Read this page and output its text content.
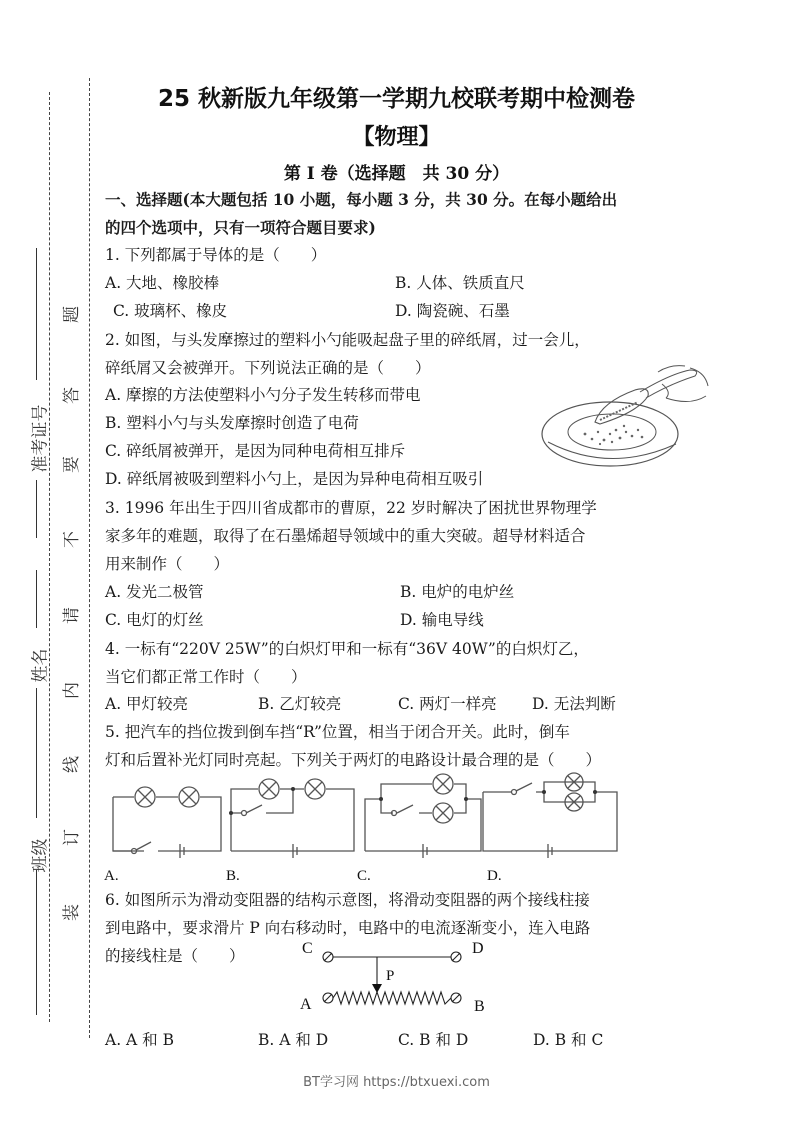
准考证号
姓名
班级
题
答
要
不
请
内
线
订
装
25 秋新版九年级第一学期九校联考期中检测卷
【物理】
第 I 卷（选择题　共 30 分）
一、选择题(本大题包括 10 小题，每小题 3 分，共 30 分。在每小题给出
的四个选项中，只有一项符合题目要求)
1. 下列都属于导体的是（　　）
A. 大地、橡胶棒	B. 人体、铁质直尺
C. 玻璃杯、橡皮	D. 陶瓷碗、石墨
2. 如图，与头发摩擦过的塑料小勺能吸起盘子里的碎纸屑，过一会儿，
碎纸屑又会被弹开。下列说法正确的是（　　）
A. 摩擦的方法使塑料小勺分子发生转移而带电
B. 塑料小勺与头发摩擦时创造了电荷
C. 碎纸屑被弹开，是因为同种电荷相互排斥
D. 碎纸屑被吸到塑料小勺上，是因为异种电荷相互吸引
3. 1996 年出生于四川省成都市的曹原，22 岁时解决了困扰世界物理学
家多年的难题，取得了在石墨烯超导领域中的重大突破。超导材料适合
用来制作（　　）
A. 发光二极管	B. 电炉的电炉丝
C. 电灯的灯丝	D. 输电导线
4. 一标有“220V 25W”的白炽灯甲和一标有“36V 40W”的白炽灯乙，
当它们都正常工作时（　　）
A. 甲灯较亮	B. 乙灯较亮	C. 两灯一样亮 D. 无法判断
5. 把汽车的挡位拨到倒车挡“R”位置，相当于闭合开关。此时，倒车
灯和后置补光灯同时亮起。下列关于两灯的电路设计最合理的是（　　）
A.	B.	C.	D.
6. 如图所示为滑动变阻器的结构示意图，将滑动变阻器的两个接线柱接
到电路中，要求滑片 P 向右移动时，电路中的电流逐渐变小，连入电路
的接线柱是（　　）	C	D
P
A	B
A. A 和 B	B. A 和 D	C. B 和 D	D. B 和 C
BT学习网 https://btxuexi.com
